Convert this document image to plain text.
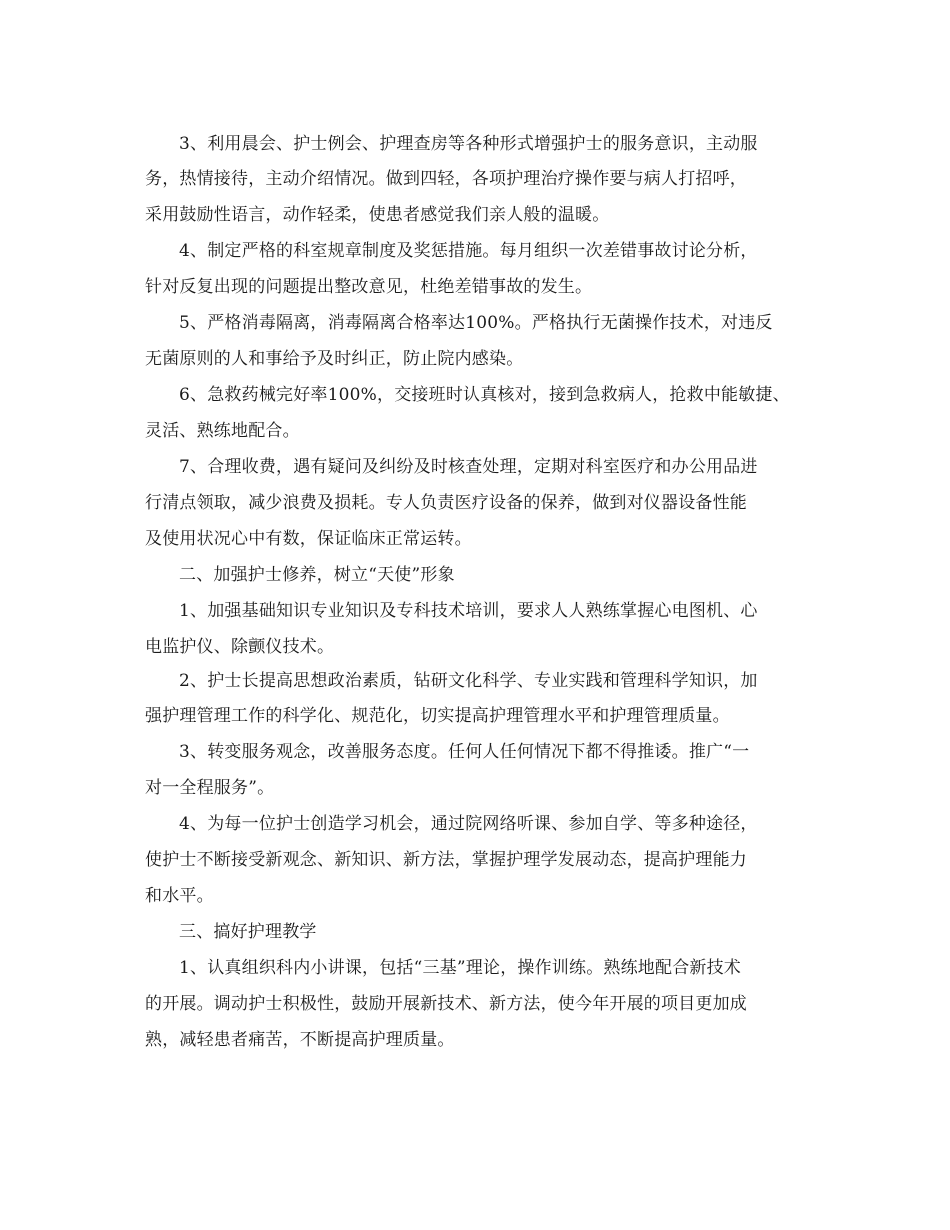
3、利用晨会、护士例会、护理查房等各种形式增强护士的服务意识，主动服
务，热情接待，主动介绍情况。做到四轻，各项护理治疗操作要与病人打招呼，
采用鼓励性语言，动作轻柔，使患者感觉我们亲人般的温暖。
4、制定严格的科室规章制度及奖惩措施。每月组织一次差错事故讨论分析，
针对反复出现的问题提出整改意见，杜绝差错事故的发生。
5、严格消毒隔离，消毒隔离合格率达100%。严格执行无菌操作技术，对违反
无菌原则的人和事给予及时纠正，防止院内感染。
6、急救药械完好率100%，交接班时认真核对，接到急救病人，抢救中能敏捷、
灵活、熟练地配合。
7、合理收费，遇有疑问及纠纷及时核查处理，定期对科室医疗和办公用品进
行清点领取，减少浪费及损耗。专人负责医疗设备的保养，做到对仪器设备性能
及使用状况心中有数，保证临床正常运转。
二、加强护士修养，树立“天使”形象
1、加强基础知识专业知识及专科技术培训，要求人人熟练掌握心电图机、心
电监护仪、除颤仪技术。
2、护士长提高思想政治素质，钻研文化科学、专业实践和管理科学知识，加
强护理管理工作的科学化、规范化，切实提高护理管理水平和护理管理质量。
3、转变服务观念，改善服务态度。任何人任何情况下都不得推诿。推广“一
对一全程服务”。
4、为每一位护士创造学习机会，通过院网络听课、参加自学、等多种途径，
使护士不断接受新观念、新知识、新方法，掌握护理学发展动态，提高护理能力
和水平。
三、搞好护理教学
1、认真组织科内小讲课，包括“三基”理论，操作训练。熟练地配合新技术
的开展。调动护士积极性，鼓励开展新技术、新方法，使今年开展的项目更加成
熟，减轻患者痛苦，不断提高护理质量。
